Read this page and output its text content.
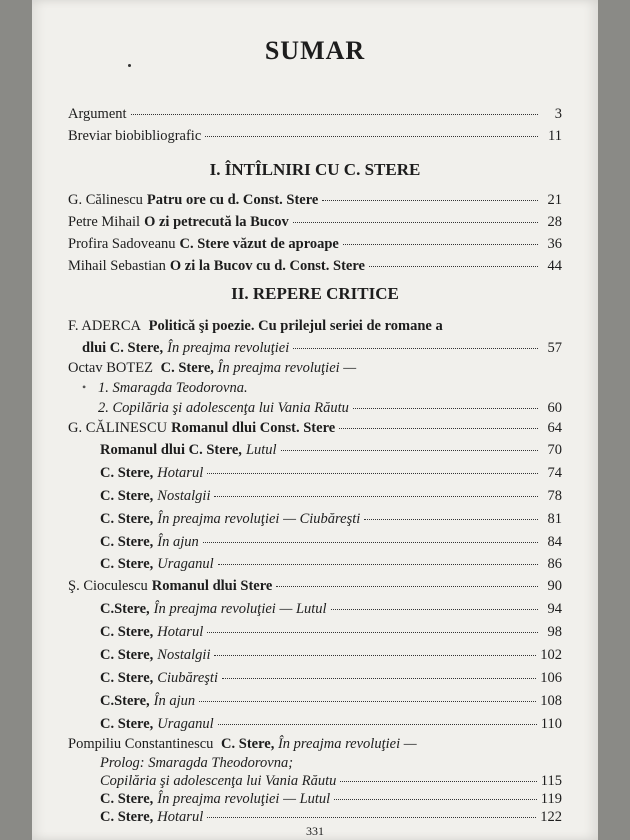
SUMAR
Argument	3
Breviar biobibliografic	11
I. ÎNTÎLNIRI CU C. STERE
G. Călinescu Patru ore cu d. Const. Stere	21
Petre Mihail O zi petrecută la Bucov	28
Profira Sadoveanu C. Stere văzut de aproape	36
Mihail Sebastian O zi la Bucov cu d. Const. Stere	44
II. REPERE CRITICE
F. ADERCA Politică şi poezie. Cu prilejul seriei de romane a
dlui C. Stere, În preajma revoluţiei	57
Octav BOTEZ C. Stere, În preajma revoluţiei —
• 1. Smaragda Teodorovna.
2. Copilăria şi adolescenţa lui Vania Răutu	60
G. CĂLINESCU Romanul dlui Const. Stere	64
Romanul dlui C. Stere, Lutul	70
C. Stere, Hotarul	74
C. Stere, Nostalgii	78
C. Stere, În preajma revoluţiei — Ciubăreşti	81
C. Stere, În ajun	84
C. Stere, Uraganul	86
Ş. Cioculescu Romanul dlui Stere	90
C.Stere, În preajma revoluţiei — Lutul	94
C. Stere, Hotarul	98
C. Stere, Nostalgii	102
C. Stere, Ciubăreşti	106
C.Stere, În ajun	108
C. Stere, Uraganul	110
Pompiliu Constantinescu C. Stere, În preajma revoluţiei —
Prolog: Smaragda Theodorovna;
Copilăria şi adolescenţa lui Vania Răutu	115
331
C. Stere, În preajma revoluţiei — Lutul	119
C. Stere, Hotarul	122
